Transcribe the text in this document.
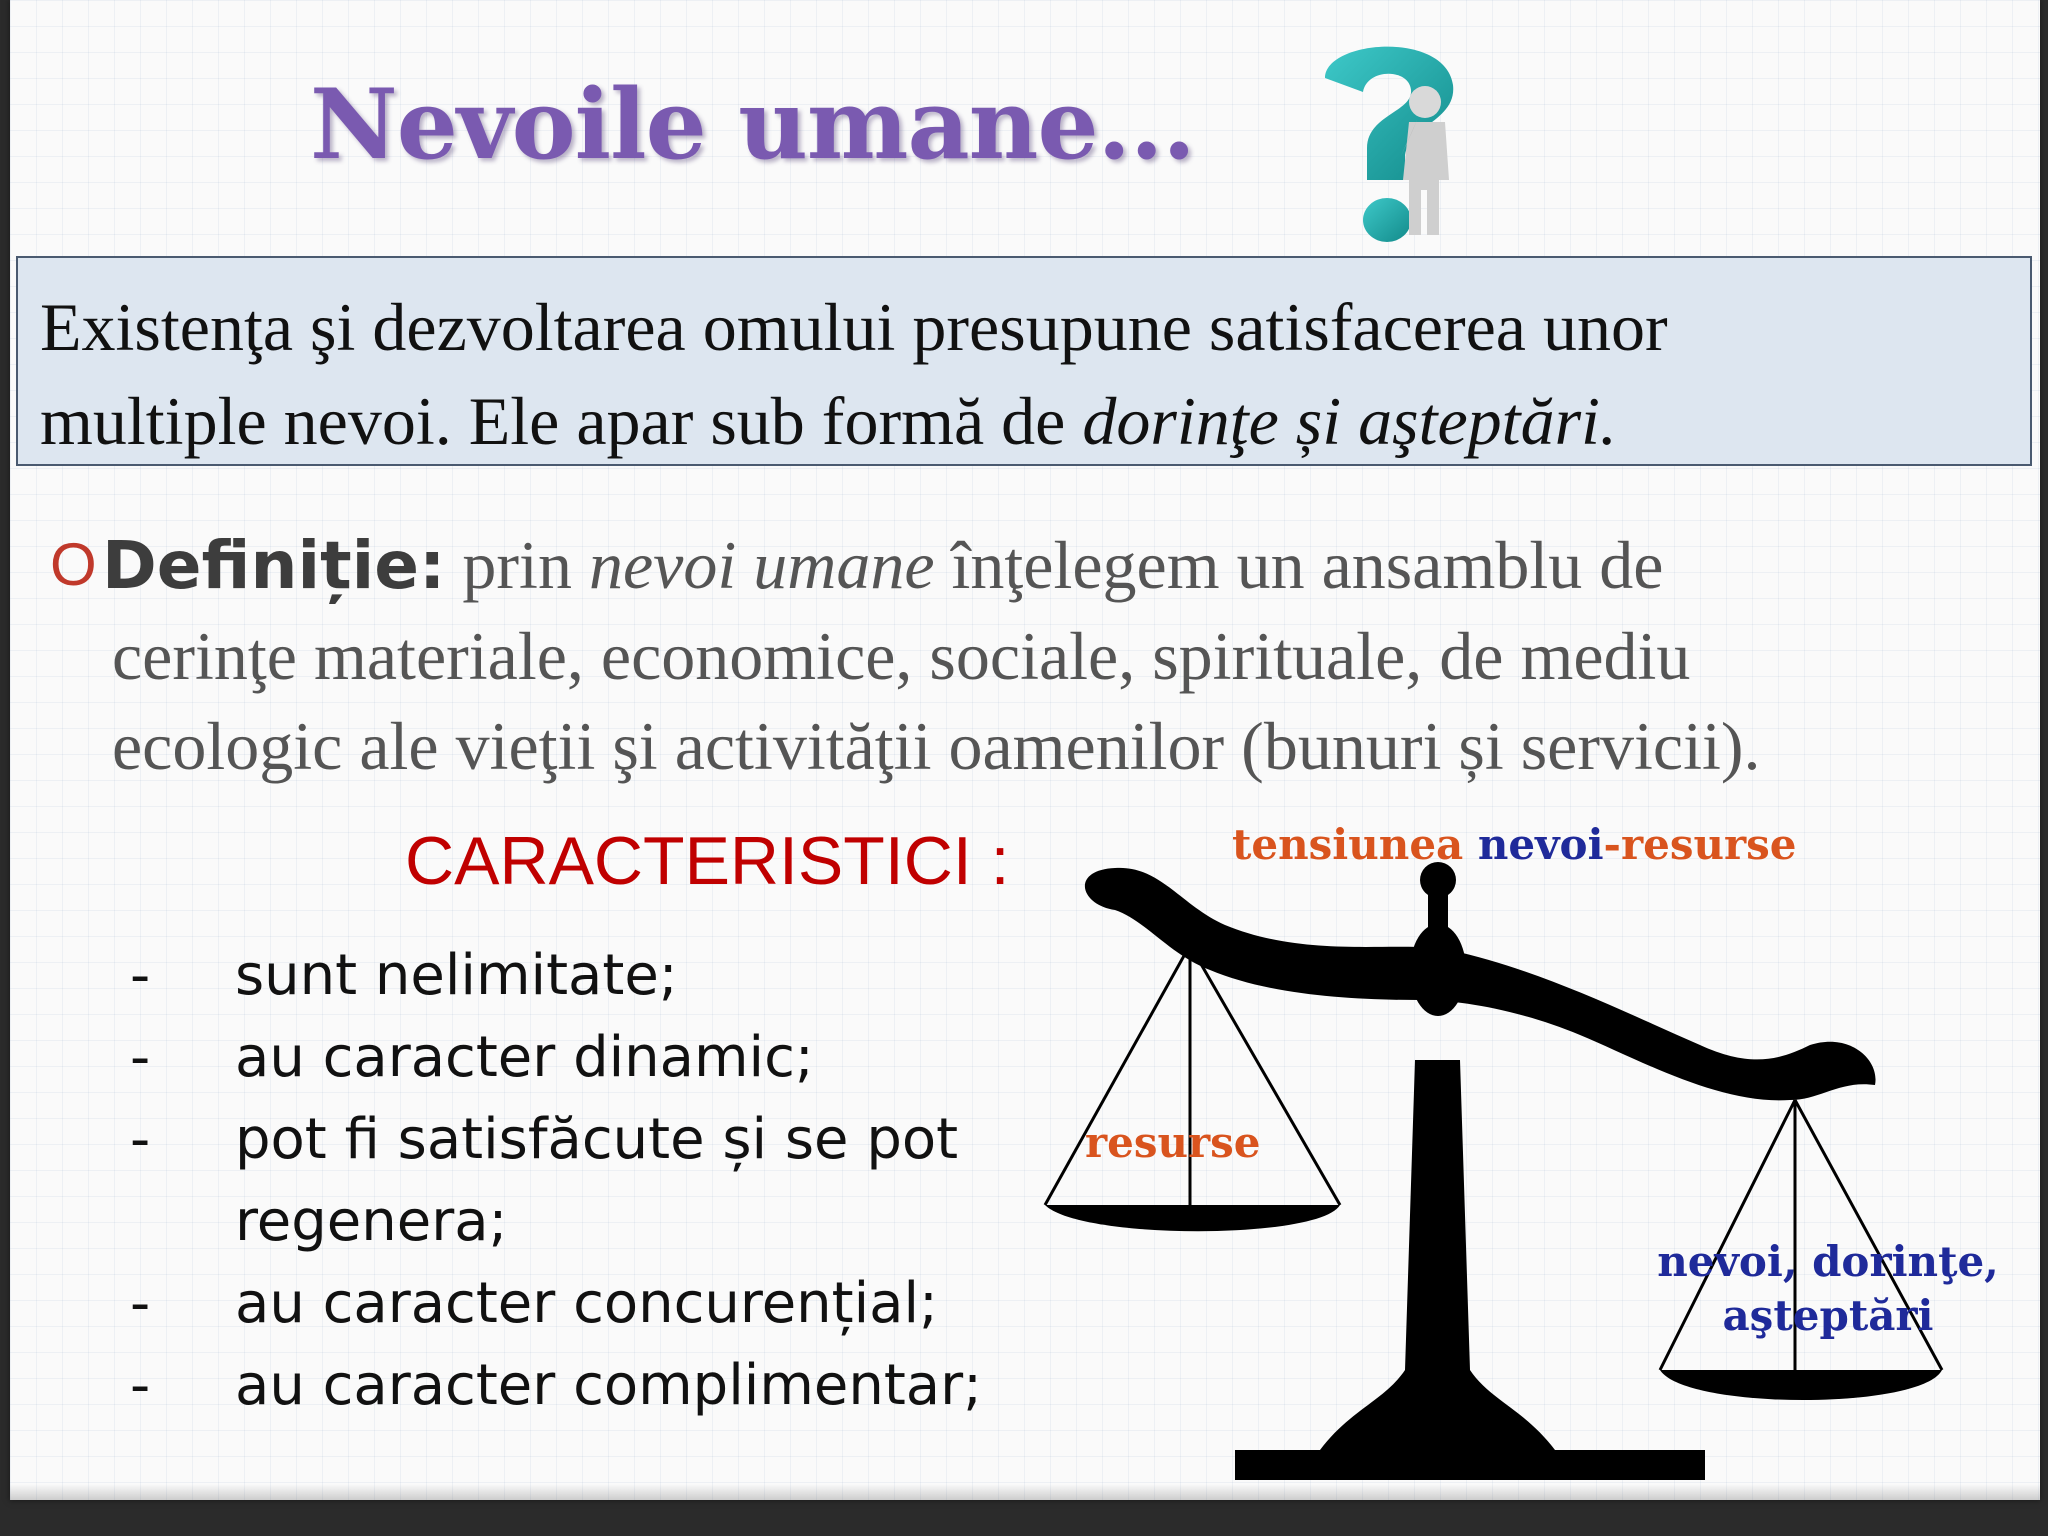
Nevoile umane...
Existenţa şi dezvoltarea omului presupune satisfacerea unor
multiple nevoi. Ele apar sub formă de dorinţe și aşteptări.
ODefiniție: prin nevoi umane înţelegem un ansamblu de
cerinţe materiale, economice, sociale, spirituale, de mediu
ecologic ale vieţii şi activităţii oamenilor (bunuri și servicii).
CARACTERISTICI :
- sunt nelimitate;
- au caracter dinamic;
- pot fi satisfăcute și se pot
regenera;
- au caracter concurențial;
- au caracter complimentar;
tensiunea nevoi-resurse
resurse
nevoi, dorinţe,
aşteptări
